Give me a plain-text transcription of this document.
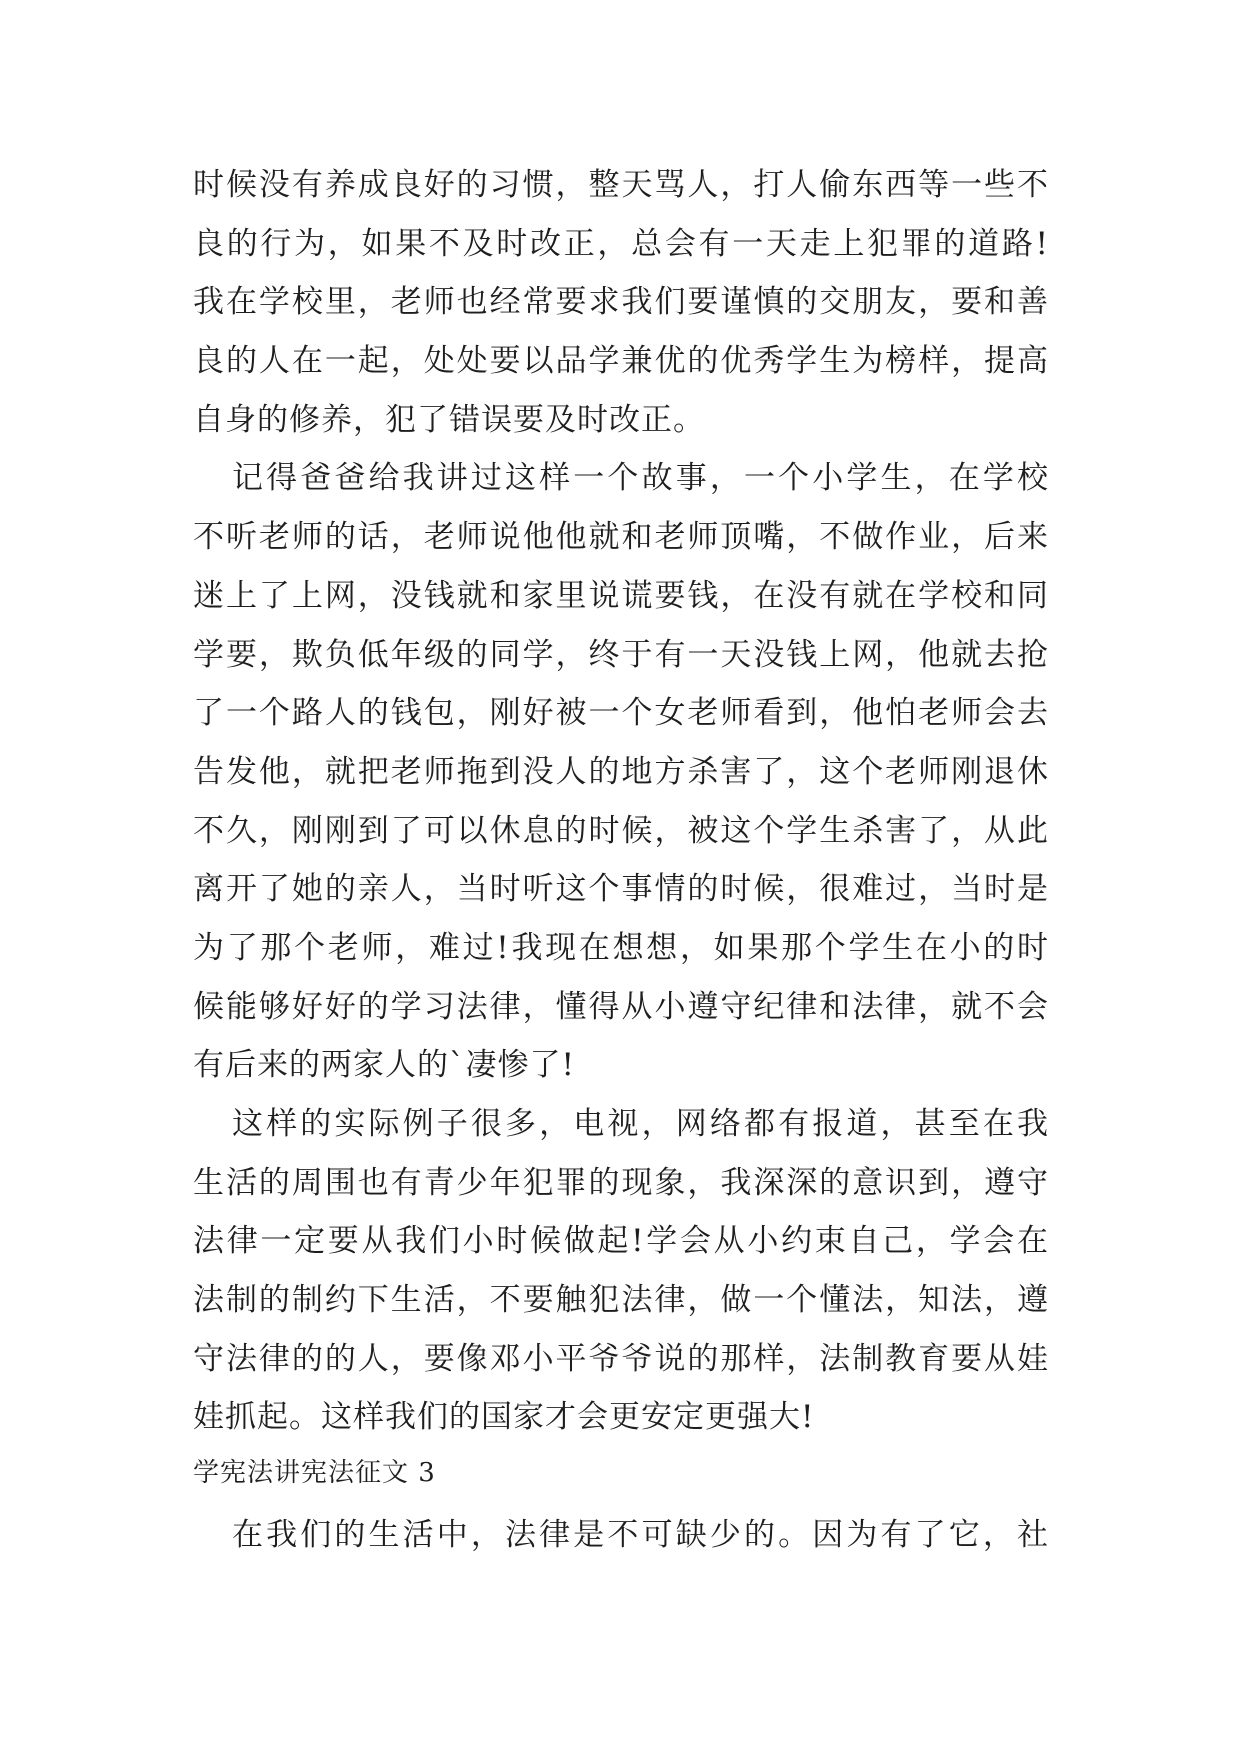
时候没有养成良好的习惯，整天骂人，打人偷东西等一些不
良的行为，如果不及时改正，总会有一天走上犯罪的道路!
我在学校里，老师也经常要求我们要谨慎的交朋友，要和善
良的人在一起，处处要以品学兼优的优秀学生为榜样，提高
自身的修养，犯了错误要及时改正。
记得爸爸给我讲过这样一个故事，一个小学生，在学校
不听老师的话，老师说他他就和老师顶嘴，不做作业，后来
迷上了上网，没钱就和家里说谎要钱，在没有就在学校和同
学要，欺负低年级的同学，终于有一天没钱上网，他就去抢
了一个路人的钱包，刚好被一个女老师看到，他怕老师会去
告发他，就把老师拖到没人的地方杀害了，这个老师刚退休
不久，刚刚到了可以休息的时候，被这个学生杀害了，从此
离开了她的亲人，当时听这个事情的时候，很难过，当时是
为了那个老师，难过!我现在想想，如果那个学生在小的时
候能够好好的学习法律，懂得从小遵守纪律和法律，就不会
有后来的两家人的`凄惨了!
这样的实际例子很多，电视，网络都有报道，甚至在我
生活的周围也有青少年犯罪的现象，我深深的意识到，遵守
法律一定要从我们小时候做起!学会从小约束自己，学会在
法制的制约下生活，不要触犯法律，做一个懂法，知法，遵
守法律的的人，要像邓小平爷爷说的那样，法制教育要从娃
娃抓起。这样我们的国家才会更安定更强大!
学宪法讲宪法征文 3
在我们的生活中，法律是不可缺少的。因为有了它，社
